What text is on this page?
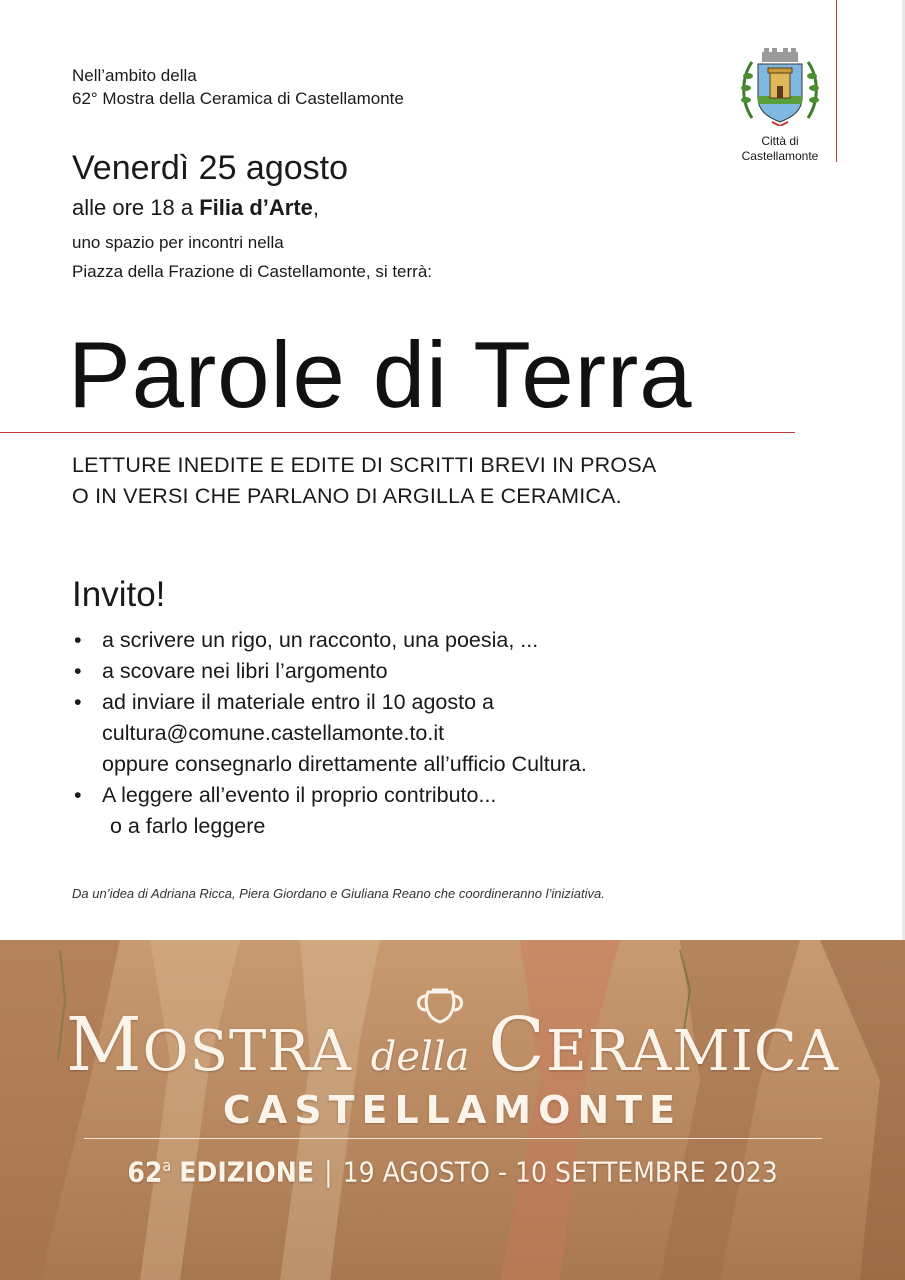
Nell’ambito della
62° Mostra della Ceramica di Castellamonte
Città di
Castellamonte
Venerdì 25 agosto
alle ore 18 a Filia d’Arte,
uno spazio per incontri nella
Piazza della Frazione di Castellamonte, si terrà:
Parole di Terra
LETTURE INEDITE E EDITE DI SCRITTI BREVI IN PROSA
O IN VERSI CHE PARLANO DI ARGILLA E CERAMICA.
Invito!
• a scrivere un rigo, un racconto, una poesia, ...
• a scovare nei libri l’argomento
• ad inviare il materiale entro il 10 agosto a
cultura@comune.castellamonte.to.it
oppure consegnarlo direttamente all’ufficio Cultura.
• A leggere all’evento il proprio contributo...
o a farlo leggere
Da un’idea di Adriana Ricca, Piera Giordano e Giuliana Reano che coordineranno l’iniziativa.
MOSTRA della CERAMICA
CASTELLAMONTE
62$^a$ EDIZIONE | 19 AGOSTO - 10 SETTEMBRE 2023
